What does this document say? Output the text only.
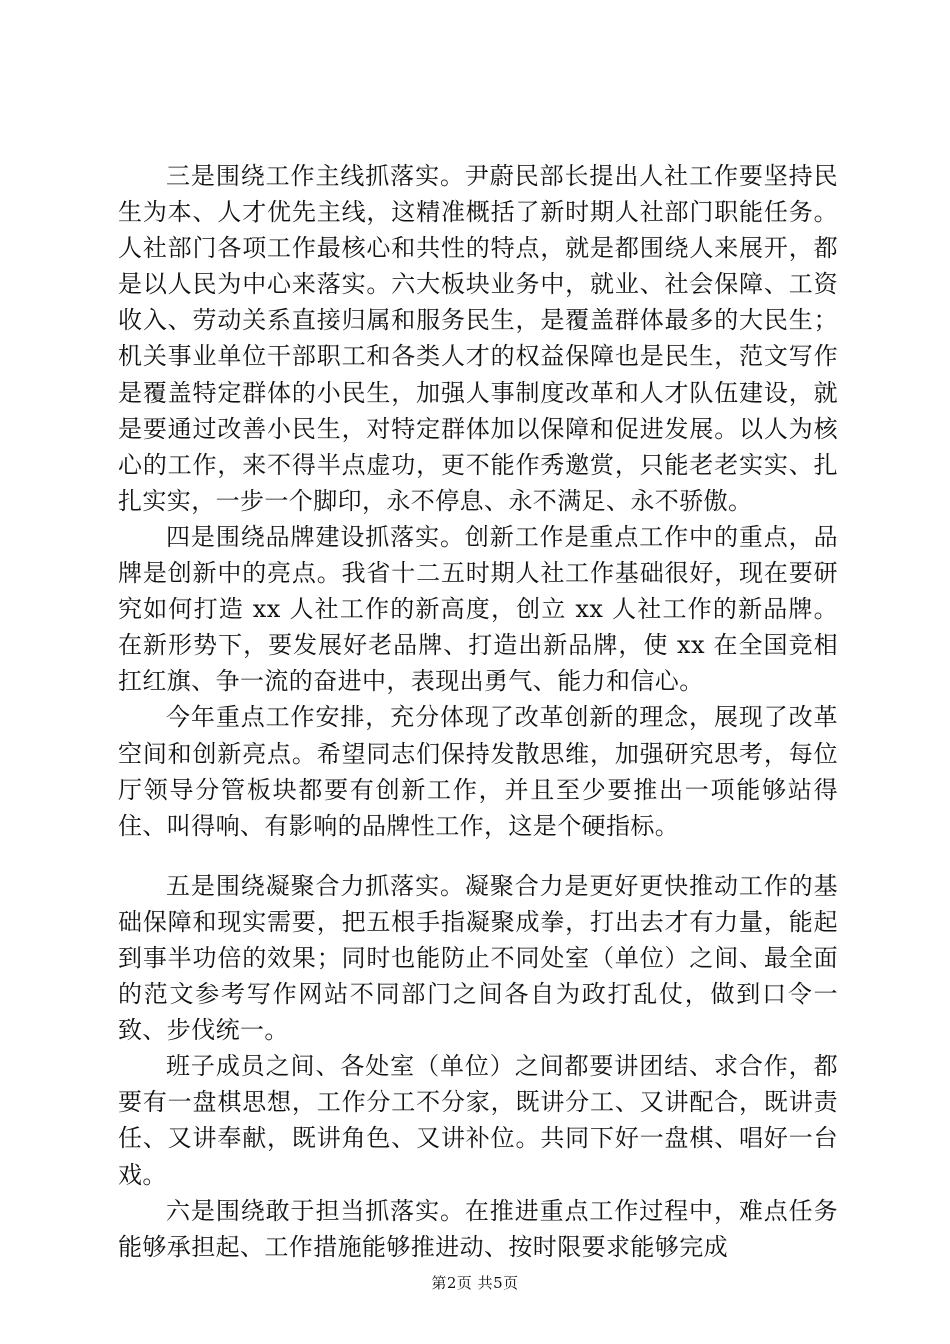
三是围绕工作主线抓落实。尹蔚民部长提出人社工作要坚持民生为本、人才优先主线，这精准概括了新时期人社部门职能任务。人社部门各项工作最核心和共性的特点，就是都围绕人来展开，都是以人民为中心来落实。六大板块业务中，就业、社会保障、工资收入、劳动关系直接归属和服务民生，是覆盖群体最多的大民生；机关事业单位干部职工和各类人才的权益保障也是民生，范文写作是覆盖特定群体的小民生，加强人事制度改革和人才队伍建设，就是要通过改善小民生，对特定群体加以保障和促进发展。以人为核心的工作，来不得半点虚功，更不能作秀邀赏，只能老老实实、扎扎实实，一步一个脚印，永不停息、永不满足、永不骄傲。

四是围绕品牌建设抓落实。创新工作是重点工作中的重点，品牌是创新中的亮点。我省十二五时期人社工作基础很好，现在要研究如何打造 xx 人社工作的新高度，创立 xx 人社工作的新品牌。在新形势下，要发展好老品牌、打造出新品牌，使 xx 在全国竞相扛红旗、争一流的奋进中，表现出勇气、能力和信心。

今年重点工作安排，充分体现了改革创新的理念，展现了改革空间和创新亮点。希望同志们保持发散思维，加强研究思考，每位厅领导分管板块都要有创新工作，并且至少要推出一项能够站得住、叫得响、有影响的品牌性工作，这是个硬指标。

五是围绕凝聚合力抓落实。凝聚合力是更好更快推动工作的基础保障和现实需要，把五根手指凝聚成拳，打出去才有力量，能起到事半功倍的效果；同时也能防止不同处室（单位）之间、最全面的范文参考写作网站不同部门之间各自为政打乱仗，做到口令一致、步伐统一。

班子成员之间、各处室（单位）之间都要讲团结、求合作，都要有一盘棋思想，工作分工不分家，既讲分工、又讲配合，既讲责任、又讲奉献，既讲角色、又讲补位。共同下好一盘棋、唱好一台戏。

六是围绕敢于担当抓落实。在推进重点工作过程中，难点任务能够承担起、工作措施能够推进动、按时限要求能够完成

第2页 共5页
